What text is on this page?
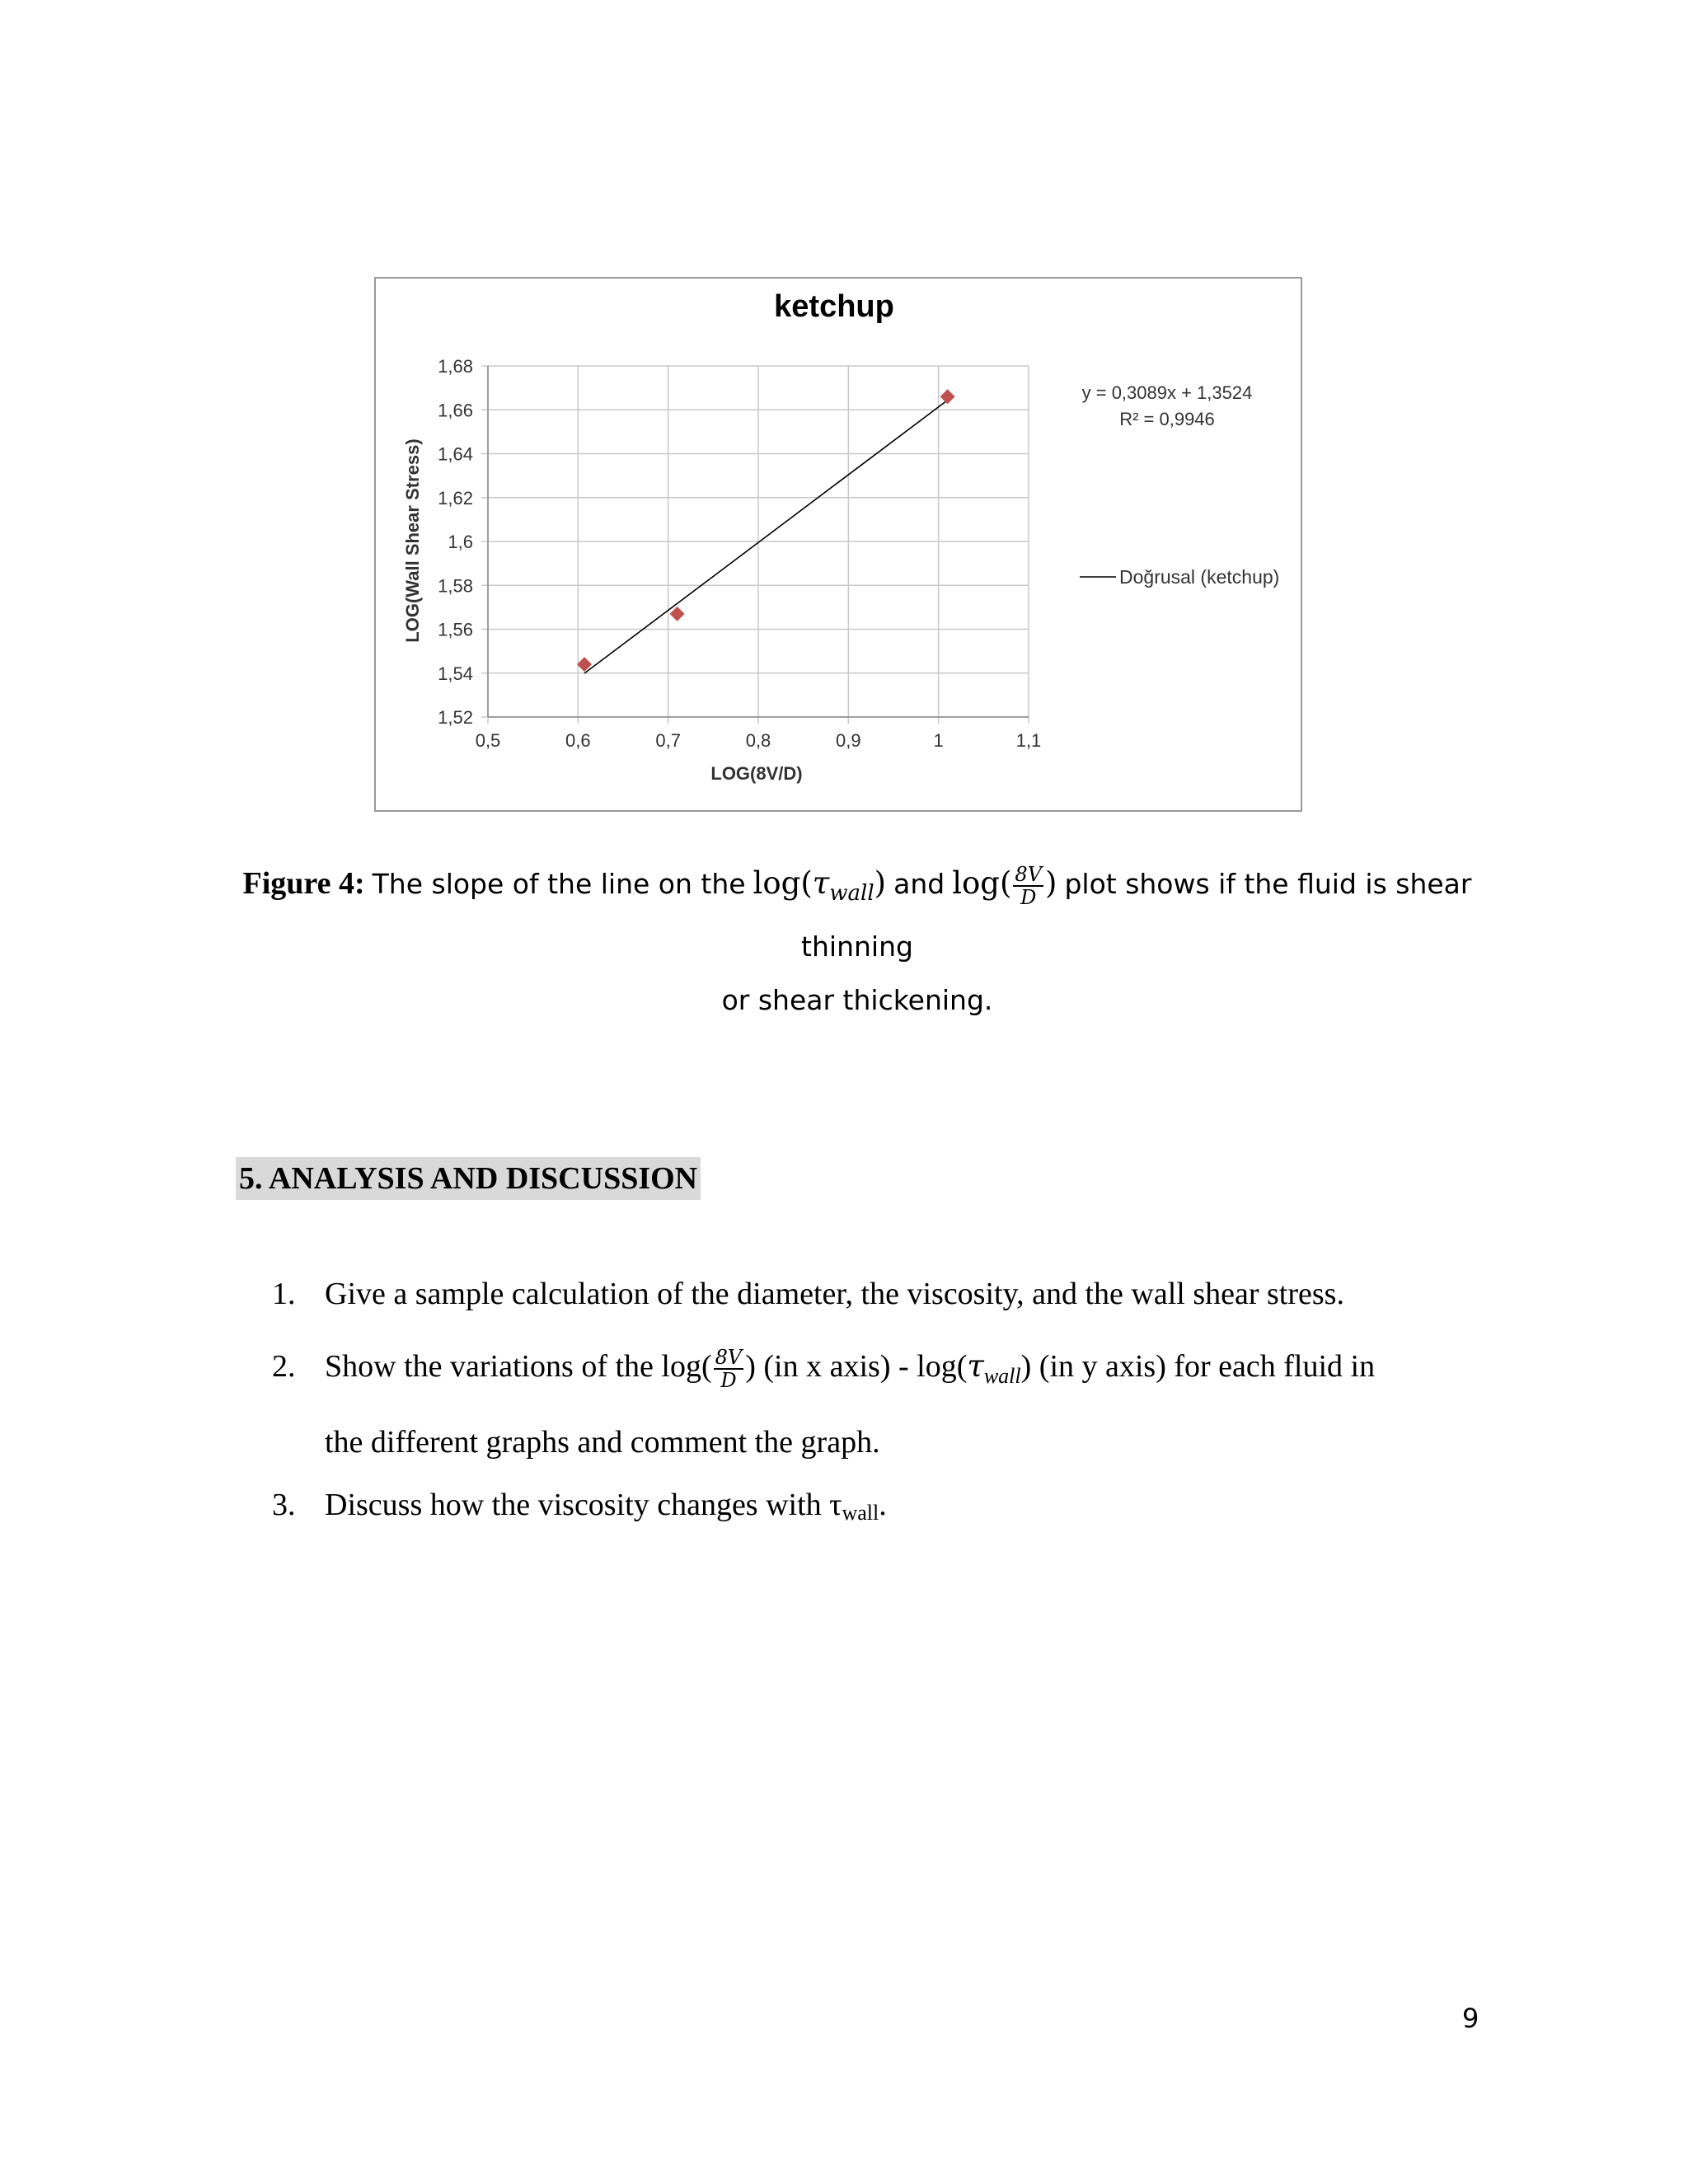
ketchup
1,52
1,54
1,56
1,58
1,6
1,62
1,64
1,66
1,68
0,5	0,6	0,7	0,8	0,9	1	1,1
LOG(8V/D)
LOG(Wall Shear Stress)
y = 0,3089x + 1,3524
R² = 0,9946
Doğrusal (ketchup)
Figure 4: The slope of the line on the $\log(\tau_{wall})$ and $\log( \frac{8V}{D}$ ) plot shows if the fluid is shear thinning
or shear thickening.
5. ANALYSIS AND DISCUSSION
1. Give a sample calculation of the diameter, the viscosity, and the wall shear stress.
2. Show the variations of the $\log( \frac{8V}{D}$ ) (in x axis) - $\log(\tau_{wall})$ (in y axis) for each fluid in
the different graphs and comment the graph.
3. Discuss how the viscosity changes with τwall.
9
